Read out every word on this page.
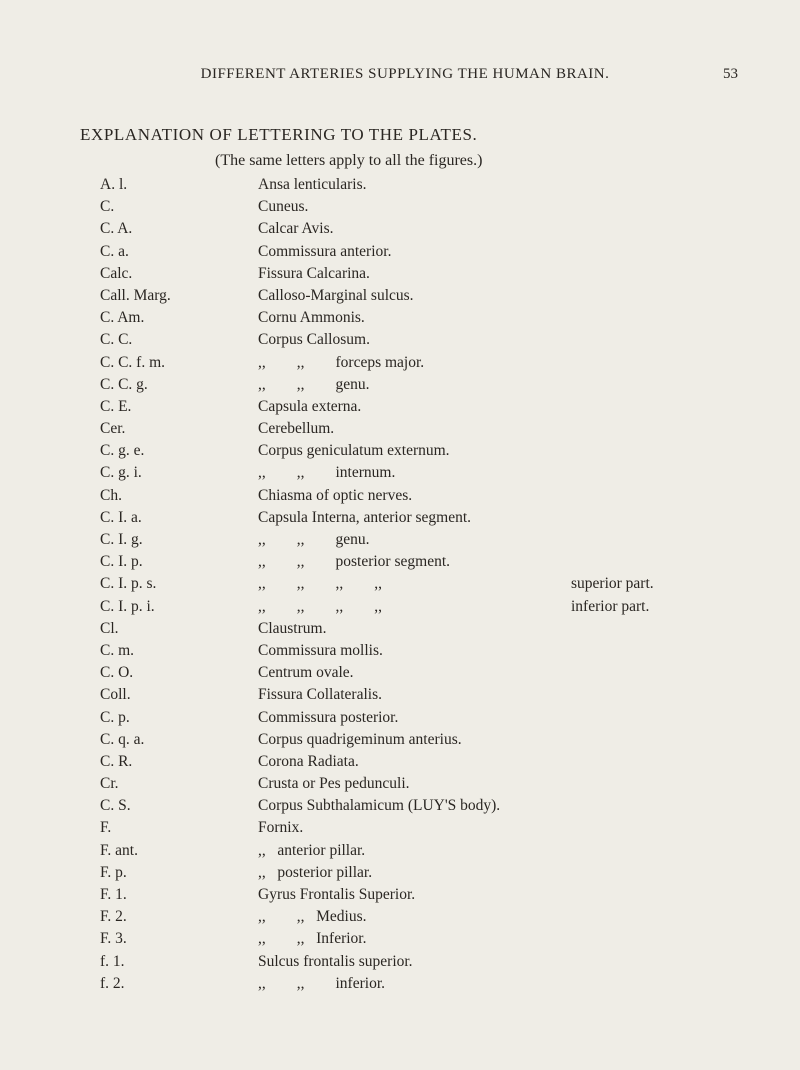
DIFFERENT ARTERIES SUPPLYING THE HUMAN BRAIN.	53
EXPLANATION OF LETTERING TO THE PLATES.
(The same letters apply to all the figures.)
A. l.	Ansa lenticularis.
C.	Cuneus.
C. A.	Calcar Avis.
C. a.	Commissura anterior.
Calc.	Fissura Calcarina.
Call. Marg.	Calloso-Marginal sulcus.
C. Am.	Cornu Ammonis.
C. C.	Corpus Callosum.
C. C. f. m.	,,        ,,        forceps major.
C. C. g.	,,        ,,        genu.
C. E.	Capsula externa.
Cer.	Cerebellum.
C. g. e.	Corpus geniculatum externum.
C. g. i.	,,        ,,        internum.
Ch.	Chiasma of optic nerves.
C. I. a.	Capsula Interna, anterior segment.
C. I. g.	,,        ,,        genu.
C. I. p.	,,        ,,        posterior segment.
C. I. p. s.	,,        ,,        ,,        ,,	superior part.
C. I. p. i.	,,        ,,        ,,        ,,	inferior part.
Cl.	Claustrum.
C. m.	Commissura mollis.
C. O.	Centrum ovale.
Coll.	Fissura Collateralis.
C. p.	Commissura posterior.
C. q. a.	Corpus quadrigeminum anterius.
C. R.	Corona Radiata.
Cr.	Crusta or Pes pedunculi.
C. S.	Corpus Subthalamicum (LUY'S body).
F.	Fornix.
F. ant.	,,   anterior pillar.
F. p.	,,   posterior pillar.
F. 1.	Gyrus Frontalis Superior.
F. 2.	,,        ,,   Medius.
F. 3.	,,        ,,   Inferior.
f. 1.	Sulcus frontalis superior.
f. 2.	,,        ,,        inferior.
